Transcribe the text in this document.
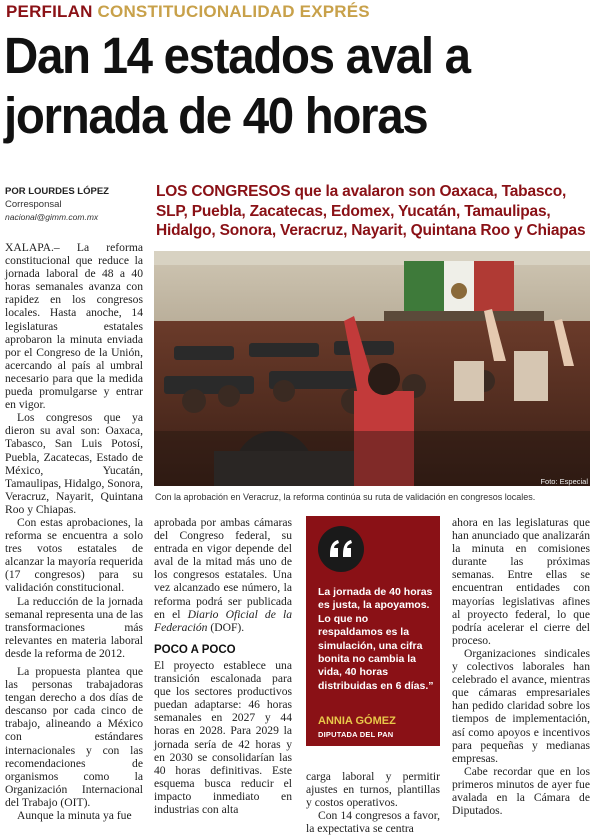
PERFILAN CONSTITUCIONALIDAD EXPRÉS
Dan 14 estados aval a
jornada de 40 horas
POR LOURDES LÓPEZ
Corresponsal
nacional@gimm.com.mx
LOS CONGRESOS que la avalaron son Oaxaca, Tabasco, SLP, Puebla, Zacatecas, Edomex, Yucatán, Tamaulipas, Hidalgo, Sonora, Veracruz, Nayarit, Quintana Roo y Chiapas
Foto: Especial
Con la aprobación en Veracruz, la reforma continúa su ruta de validación en congresos locales.

XALAPA.– La reforma constitucional que reduce la jornada laboral de 48 a 40 horas semanales avanza con rapidez en los congresos locales. Hasta anoche, 14 legislaturas estatales aprobaron la minuta enviada por el Congreso de la Unión, acercando al país al umbral necesario para que la medida pueda promulgarse y entrar en vigor.

Los congresos que ya dieron su aval son: Oaxaca, Tabasco, San Luis Potosí, Puebla, Zacatecas, Estado de México, Yucatán, Tamaulipas, Hidalgo, Sonora, Veracruz, Nayarit, Quintana Roo y Chiapas.

Con estas aprobaciones, la reforma se encuentra a solo tres votos estatales de alcanzar la mayoría requerida (17 congresos) para su validación constitucional.

La reducción de la jornada semanal representa una de las transformaciones más relevantes en materia laboral desde la reforma de 2012.

La propuesta plantea que las personas trabajadoras tengan derecho a dos días de descanso por cada cinco de trabajo, alineando a México con estándares internacionales y con las recomendaciones de organismos como la Organización Internacional del Trabajo (OIT).

Aunque la minuta ya fue

aprobada por ambas cámaras del Congreso federal, su entrada en vigor depende del aval de la mitad más uno de los congresos estatales. Una vez alcanzado ese número, la reforma podrá ser publicada en el Diario Oficial de la Federación (DOF).

POCO A POCO

El proyecto establece una transición escalonada para que los sectores productivos puedan adaptarse: 46 horas semanales en 2027 y 44 horas en 2028. Para 2029 la jornada sería de 42 horas y en 2030 se consolidarían las 40 horas definitivas. Este esquema busca reducir el impacto inmediato en industrias con alta

La jornada de 40 horas es justa, la apoyamos. Lo que no respaldamos es la simulación, una cifra bonita no cambia la vida, 40 horas distribuidas en 6 días.”
ANNIA GÓMEZ
DIPUTADA DEL PAN

carga laboral y permitir ajustes en turnos, plantillas y costos operativos.

Con 14 congresos a favor, la expectativa se centra

ahora en las legislaturas que han anunciado que analizarán la minuta en comisiones durante las próximas semanas. Entre ellas se encuentran entidades con mayorías legislativas afines al proyecto federal, lo que podría acelerar el cierre del proceso.

Organizaciones sindicales y colectivos laborales han celebrado el avance, mientras que cámaras empresariales han pedido claridad sobre los tiempos de implementación, así como apoyos e incentivos para pequeñas y medianas empresas.

Cabe recordar que en los primeros minutos de ayer fue avalada en la Cámara de Diputados.
